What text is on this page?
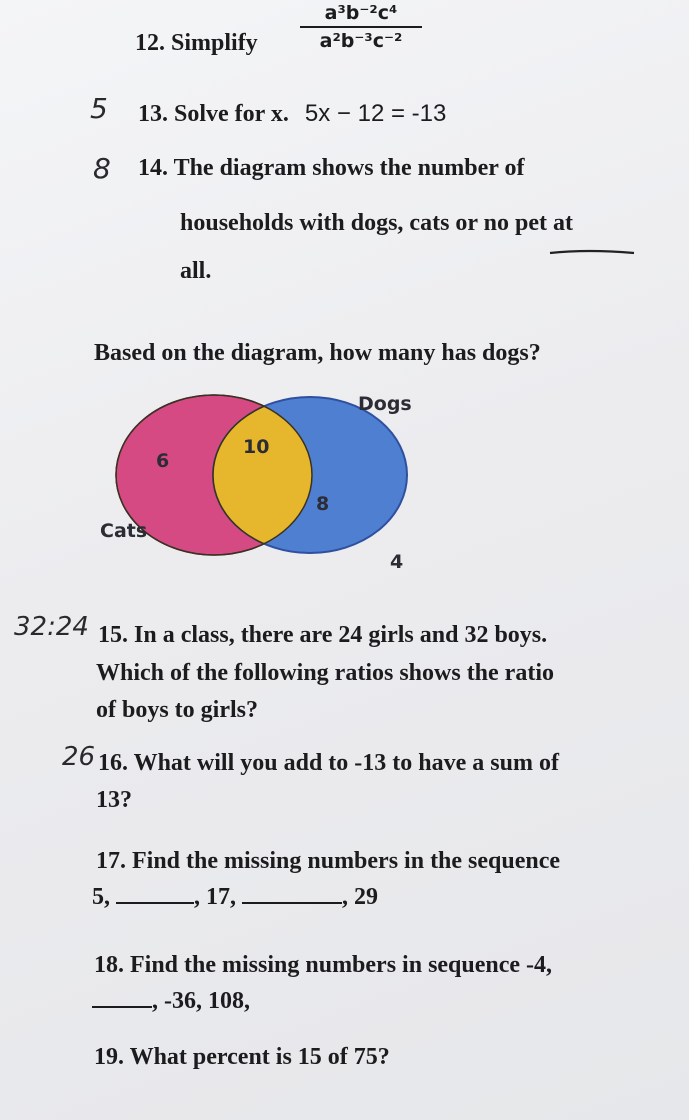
12. Simplify $\frac{\text{a³b⁻²c⁴}}{\text{a²b⁻³c⁻²}}$
5 13. Solve for x. 5x − 12 = -13
8 14. The diagram shows the number of
households with dogs, cats or no pet at
all.
Based on the diagram, how many has dogs?
Dogs
Cats
6
10
8
4
32:24 15. In a class, there are 24 girls and 32 boys.
Which of the following ratios shows the ratio
of boys to girls?
26 16. What will you add to -13 to have a sum of
13?
17. Find the missing numbers in the sequence
5,	, 17,	, 29
18. Find the missing numbers in sequence -4,
, -36, 108,
19. What percent is 15 of 75?
